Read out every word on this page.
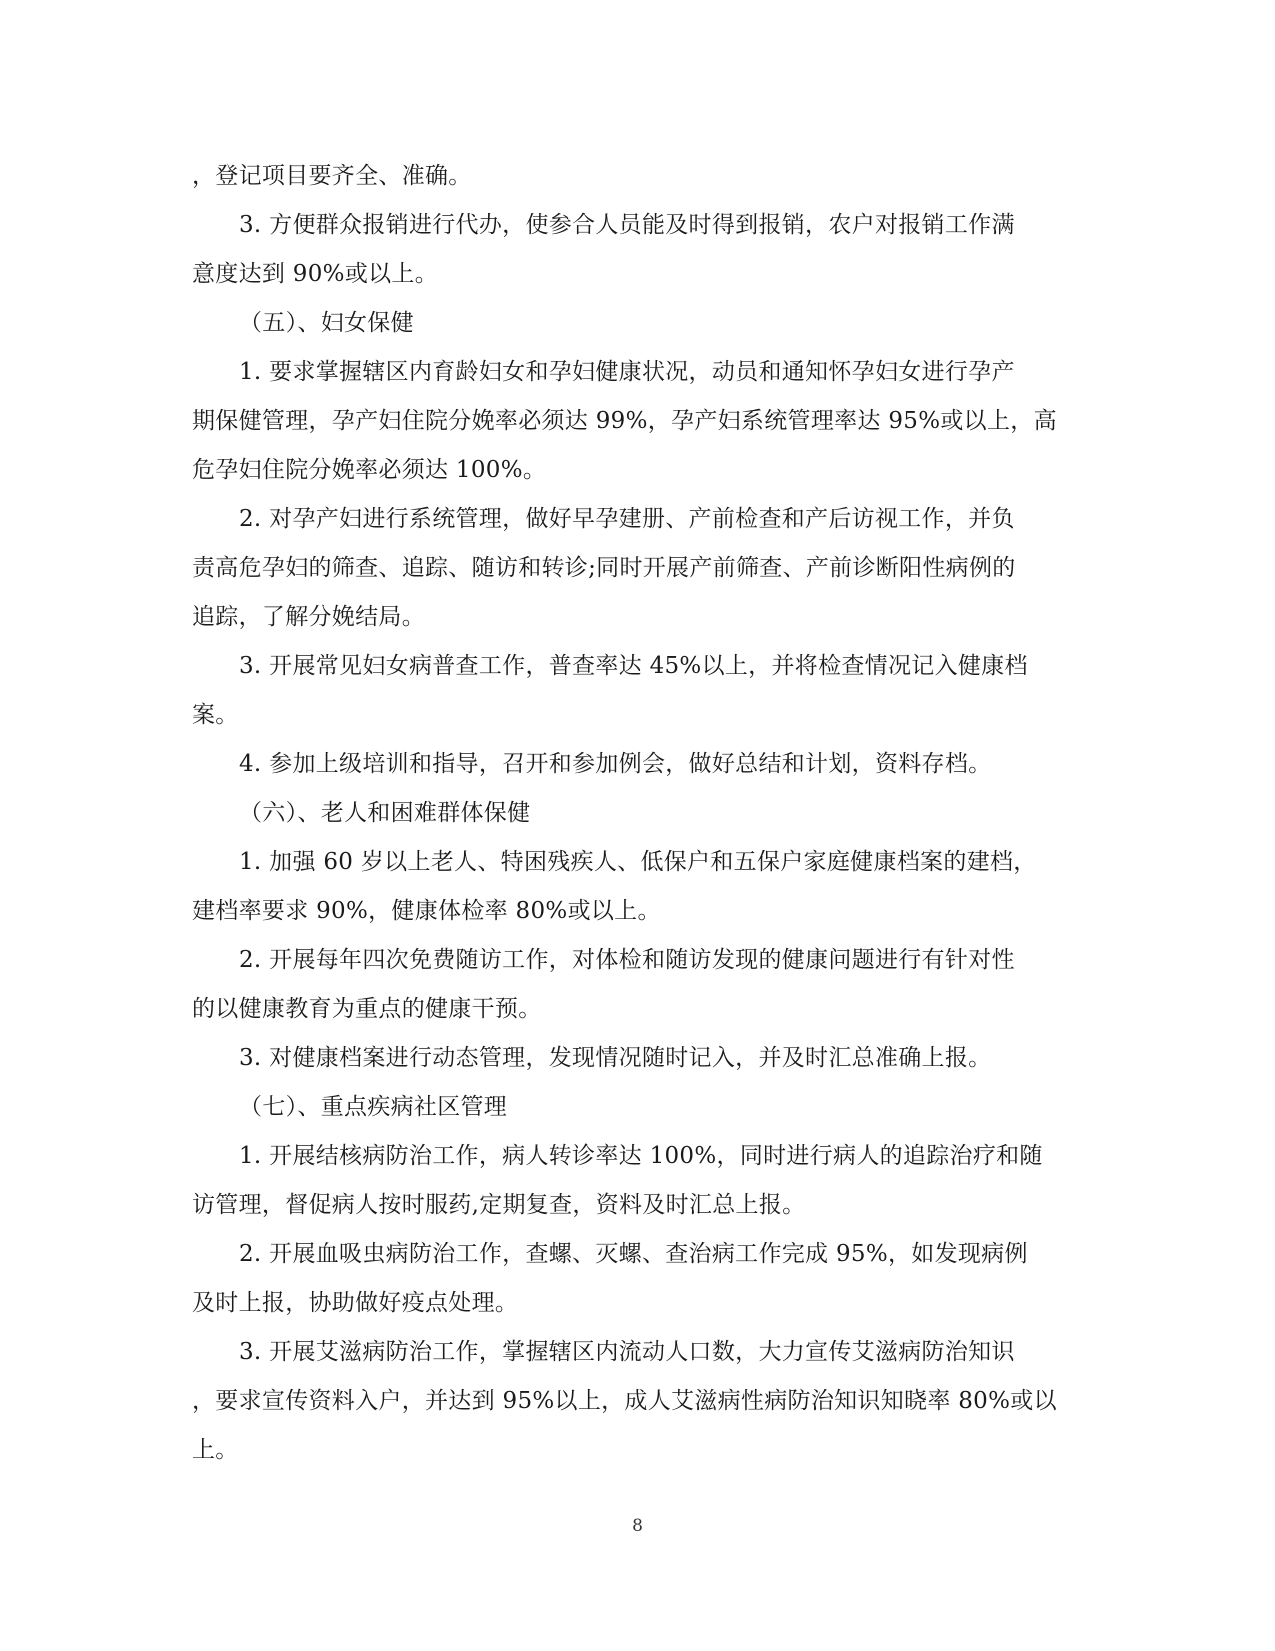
，登记项目要齐全、准确。
3. 方便群众报销进行代办，使参合人员能及时得到报销，农户对报销工作满
意度达到 90%或以上。
（五）、妇女保健
1. 要求掌握辖区内育龄妇女和孕妇健康状况，动员和通知怀孕妇女进行孕产
期保健管理，孕产妇住院分娩率必须达 99%，孕产妇系统管理率达 95%或以上，高
危孕妇住院分娩率必须达 100%。
2. 对孕产妇进行系统管理，做好早孕建册、产前检查和产后访视工作，并负
责高危孕妇的筛查、追踪、随访和转诊;同时开展产前筛查、产前诊断阳性病例的
追踪，了解分娩结局。
3. 开展常见妇女病普查工作，普查率达 45%以上，并将检查情况记入健康档
案。
4. 参加上级培训和指导，召开和参加例会，做好总结和计划，资料存档。
（六）、老人和困难群体保健
1. 加强 60 岁以上老人、特困残疾人、低保户和五保户家庭健康档案的建档，
建档率要求 90%，健康体检率 80%或以上。
2. 开展每年四次免费随访工作，对体检和随访发现的健康问题进行有针对性
的以健康教育为重点的健康干预。
3. 对健康档案进行动态管理，发现情况随时记入，并及时汇总准确上报。
（七）、重点疾病社区管理
1. 开展结核病防治工作，病人转诊率达 100%，同时进行病人的追踪治疗和随
访管理，督促病人按时服药,定期复查，资料及时汇总上报。
2. 开展血吸虫病防治工作，查螺、灭螺、查治病工作完成 95%，如发现病例
及时上报，协助做好疫点处理。
3. 开展艾滋病防治工作，掌握辖区内流动人口数，大力宣传艾滋病防治知识
，要求宣传资料入户，并达到 95%以上，成人艾滋病性病防治知识知晓率 80%或以
上。
8
